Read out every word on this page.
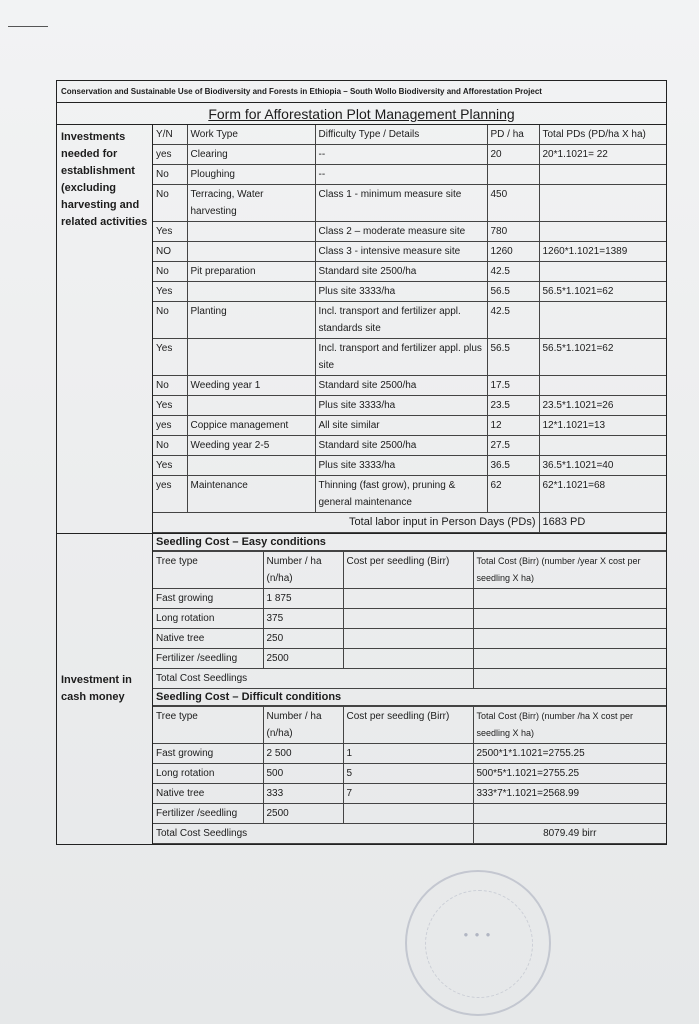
Conservation and Sustainable Use of Biodiversity and Forests in Ethiopia – South Wollo Biodiversity and Afforestation Project
Form for Afforestation Plot Management Planning
Investments needed for establishment (excluding harvesting and related activities
Y/N	Work Type	Difficulty Type / Details	PD / ha	Total PDs (PD/ha X ha)
yes	Clearing	--	20	20*1.1021= 22
No	Ploughing	--		
No	Terracing, Water harvesting	Class 1 - minimum measure site	450	
Yes		Class 2 – moderate measure site	780	
NO		Class 3 - intensive measure site	1260	1260*1.1021=1389
No	Pit preparation	Standard site 2500/ha	42.5	
Yes		Plus site 3333/ha	56.5	56.5*1.1021=62
No	Planting	Incl. transport and fertilizer appl. standards site	42.5	
Yes		Incl. transport and fertilizer appl. plus site	56.5	56.5*1.1021=62
No	Weeding year 1	Standard site 2500/ha	17.5	
Yes		Plus site 3333/ha	23.5	23.5*1.1021=26
yes	Coppice management	All site similar	12	12*1.1021=13
No	Weeding year 2-5	Standard site 2500/ha	27.5	
Yes		Plus site 3333/ha	36.5	36.5*1.1021=40
yes	Maintenance	Thinning (fast grow), pruning & general maintenance	62	62*1.1021=68
Total labor input in Person Days (PDs)				1683 PD
Investment in cash money
Seedling Cost – Easy conditions
Tree type	Number / ha (n/ha)	Cost per seedling (Birr)	Total Cost (Birr) (number /year X cost per seedling X ha)
Fast growing	1 875		
Long rotation	375		
Native tree	250		
Fertilizer /seedling	2500		
Total Cost Seedlings			
Seedling Cost – Difficult conditions
Tree type	Number / ha (n/ha)	Cost per seedling (Birr)	Total Cost (Birr) (number /ha X cost per seedling X ha)
Fast growing	2 500	1	2500*1*1.1021=2755.25
Long rotation	500	5	500*5*1.1021=2755.25
Native tree	333	7	333*7*1.1021=2568.99
Fertilizer /seedling	2500		
Total Cost Seedlings			8079.49 birr
● ● ●
